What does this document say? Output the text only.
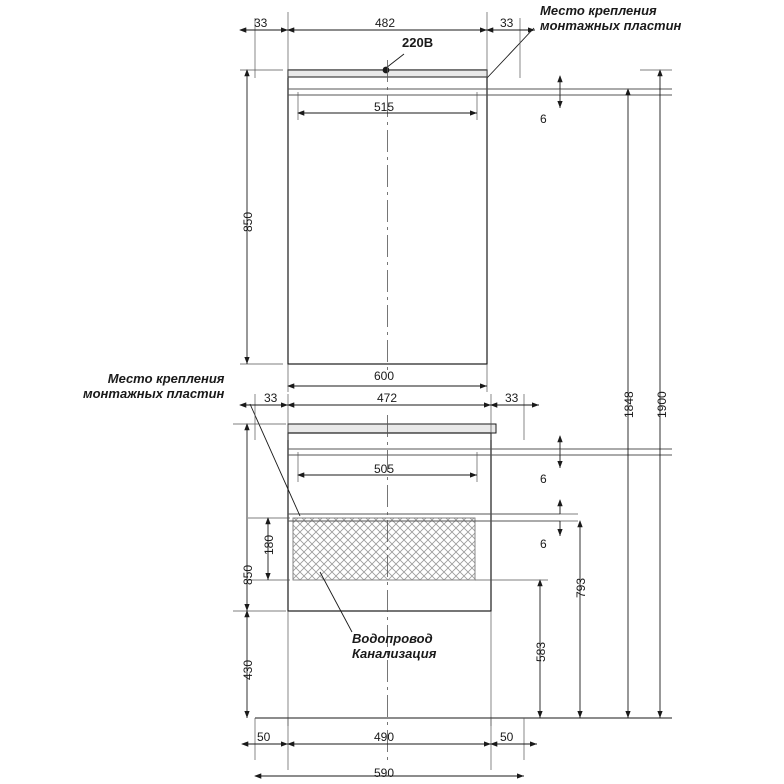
Место крепления
монтажных пластин
220В
Место крепления
монтажных пластин
Водопровод
Канализация
33	482	33
515
6
850
600
33	472	33
505
6
6
180
850
430
583
793
50	490	50
590
1848 1900
